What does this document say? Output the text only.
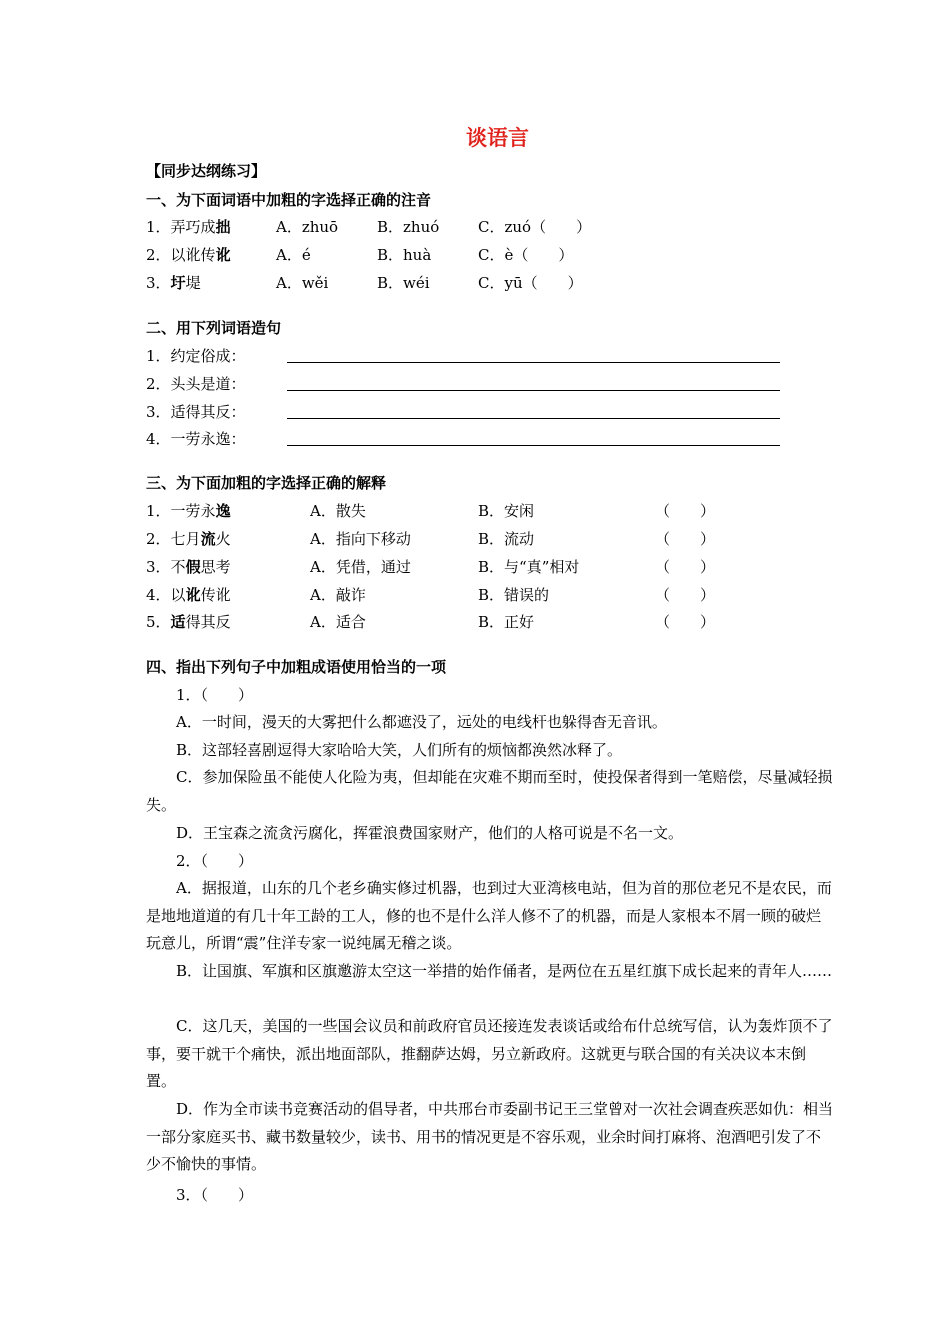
谈语言
【同步达纲练习】
一、为下面词语中加粗的字选择正确的注音
1．弄巧成拙	A．zhuō	B．zhuó	C．zuó（　　）
2．以讹传讹	A．é	B．huà	C．è（　　）
3．圩堤	A．wěi	B．wéi	C．yū（　　）
二、用下列词语造句
1．约定俗成：
2．头头是道：
3．适得其反：
4．一劳永逸：
三、为下面加粗的字选择正确的解释
1．一劳永逸	A．散失	B．安闲	（　　）
2．七月流火	A．指向下移动	B．流动	（　　）
3．不假思考	A．凭借，通过	B．与“真”相对	（　　）
4．以讹传讹	A．敲诈	B．错误的	（　　）
5．适得其反	A．适合	B．正好	（　　）
四、指出下列句子中加粗成语使用恰当的一项
1．（　　）
A．一时间，漫天的大雾把什么都遮没了，远处的电线杆也躲得杳无音讯。
B．这部轻喜剧逗得大家哈哈大笑，人们所有的烦恼都涣然冰释了。
C．参加保险虽不能使人化险为夷，但却能在灾难不期而至时，使投保者得到一笔赔偿，尽量减轻损失。
D．王宝森之流贪污腐化，挥霍浪费国家财产，他们的人格可说是不名一文。
2．（　　）
A．据报道，山东的几个老乡确实修过机器，也到过大亚湾核电站，但为首的那位老兄不是农民，而是地地道道的有几十年工龄的工人，修的也不是什么洋人修不了的机器，而是人家根本不屑一顾的破烂玩意儿，所谓“震”住洋专家一说纯属无稽之谈。
B．让国旗、军旗和区旗邀游太空这一举措的始作俑者，是两位在五星红旗下成长起来的青年人……
C．这几天，美国的一些国会议员和前政府官员还接连发表谈话或给布什总统写信，认为轰炸顶不了事，要干就干个痛快，派出地面部队，推翻萨达姆，另立新政府。这就更与联合国的有关决议本末倒置。
D．作为全市读书竞赛活动的倡导者，中共邢台市委副书记王三堂曾对一次社会调查疾恶如仇：相当一部分家庭买书、藏书数量较少，读书、用书的情况更是不容乐观，业余时间打麻将、泡酒吧引发了不少不愉快的事情。
3．（　　）
